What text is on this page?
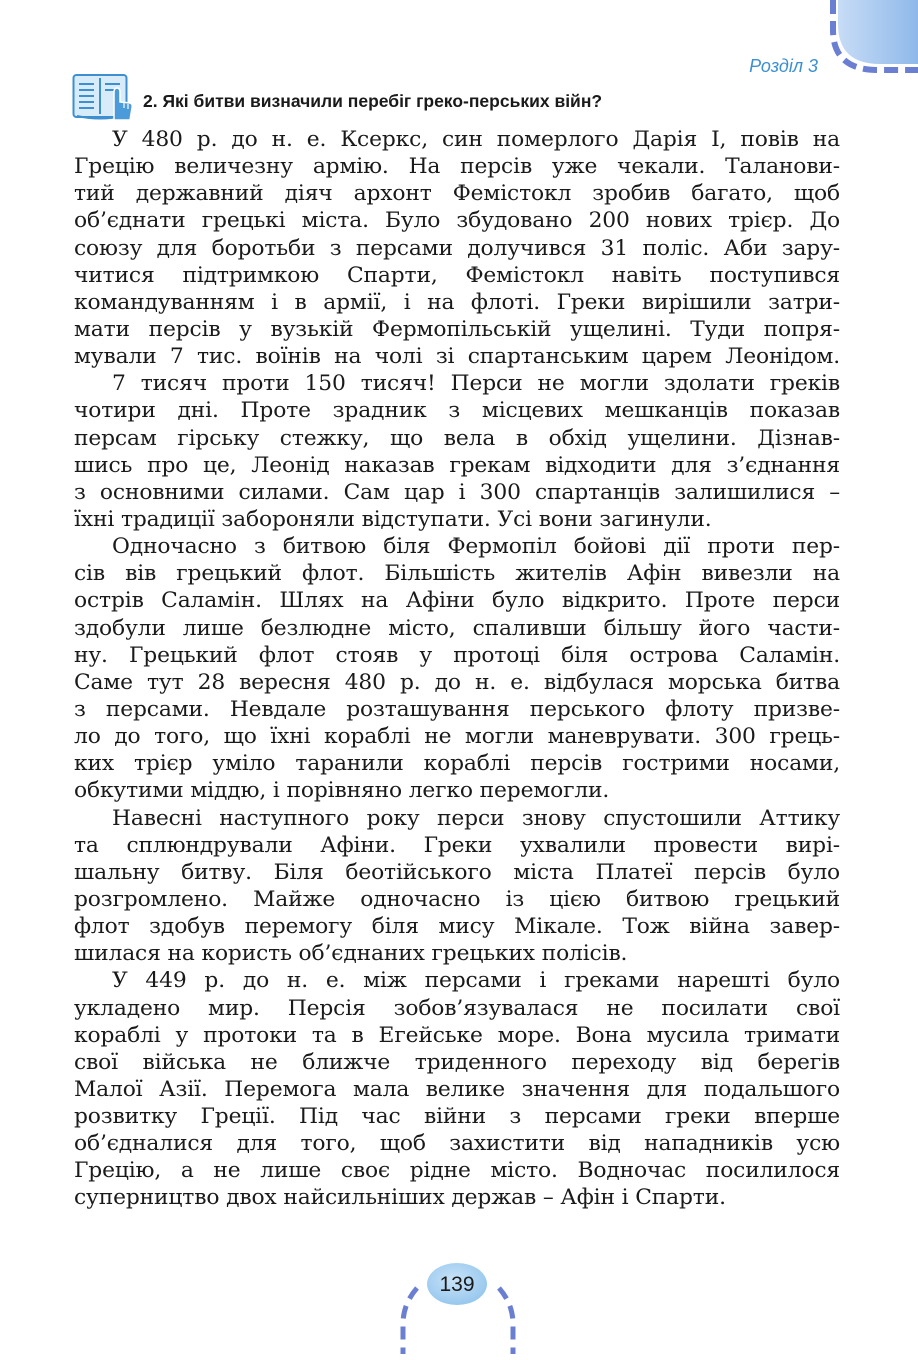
Розділ 3
2. Які битви визначили перебіг греко-перських війн?
У 480 р. до н. е. Ксеркс, син померлого Дарія І, повів на
Грецію величезну армію. На персів уже чекали. Таланови-
тий державний діяч архонт Фемістокл зробив багато, щоб
об’єднати грецькі міста. Було збудовано 200 нових трієр. До
союзу для боротьби з персами долучився 31 поліс. Аби зару-
читися підтримкою Спарти, Фемістокл навіть поступився
командуванням і в армії, і на флоті. Греки вирішили затри-
мати персів у вузькій Фермопільській ущелині. Туди попря-
мували 7 тис. воїнів на чолі зі спартанським царем Леонідом.
7 тисяч проти 150 тисяч! Перси не могли здолати греків
чотири дні. Проте зрадник з місцевих мешканців показав
персам гірську стежку, що вела в обхід ущелини. Дізнав-
шись про це, Леонід наказав грекам відходити для з’єднання
з основними силами. Сам цар і 300 спартанців залишилися –
їхні традиції забороняли відступати. Усі вони загинули.
Одночасно з битвою біля Фермопіл бойові дії проти пер-
сів вів грецький флот. Більшість жителів Афін вивезли на
острів Саламін. Шлях на Афіни було відкрито. Проте перси
здобули лише безлюдне місто, спаливши більшу його части-
ну. Грецький флот стояв у протоці біля острова Саламін.
Саме тут 28 вересня 480 р. до н. е. відбулася морська битва
з персами. Невдале розташування перського флоту призве-
ло до того, що їхні кораблі не могли маневрувати. 300 грець-
ких трієр уміло таранили кораблі персів гострими носами,
обкутими міддю, і порівняно легко перемогли.
Навесні наступного року перси знову спустошили Аттику
та сплюндрували Афіни. Греки ухвалили провести вирі-
шальну битву. Біля беотійського міста Платеї персів було
розгромлено. Майже одночасно із цією битвою грецький
флот здобув перемогу біля мису Мікале. Тож війна завер-
шилася на користь об’єднаних грецьких полісів.
У 449 р. до н. е. між персами і греками нарешті було
укладено мир. Персія зобов’язувалася не посилати свої
кораблі у протоки та в Егейське море. Вона мусила тримати
свої війська не ближче триденного переходу від берегів
Малої Азії. Перемога мала велике значення для подальшого
розвитку Греції. Під час війни з персами греки вперше
об’єдналися для того, щоб захистити від нападників усю
Грецію, а не лише своє рідне місто. Водночас посилилося
суперництво двох найсильніших держав – Афін і Спарти.
139
